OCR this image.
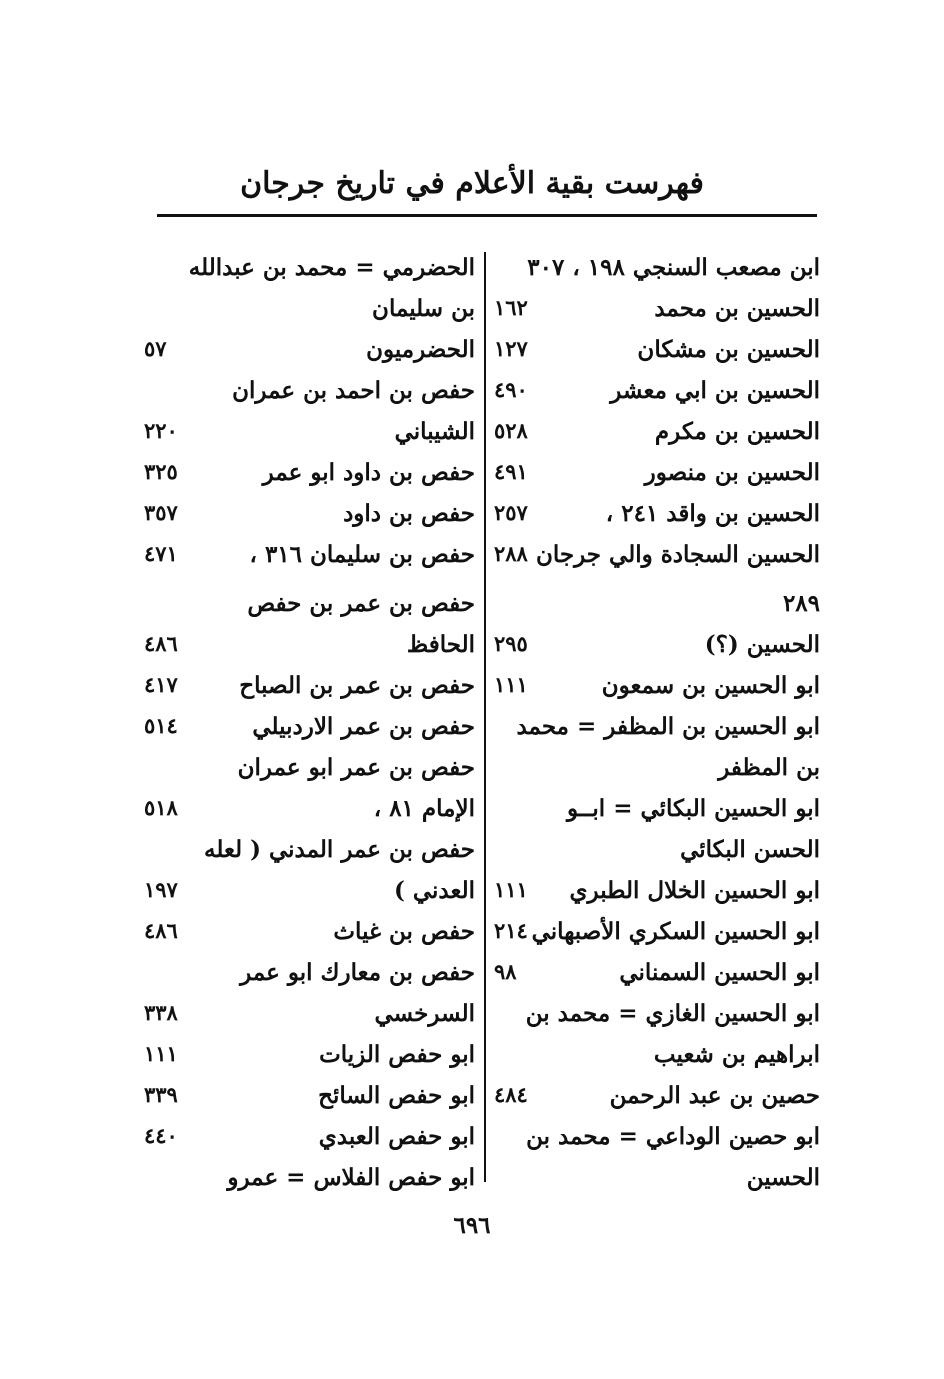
فهرست بقية الأعلام في تاريخ جرجان
ابن مصعب السنجي ١٩٨ ، ٣٠٧
الحسين بن محمد
١٦٢
الحسين بن مشكان
١٢٧
الحسين بن ابي معشر
٤٩٠
الحسين بن مكرم
٥٢٨
الحسين بن منصور
٤٩١
الحسين بن واقد ٢٤١ ،
٢٥٧
الحسين السجادة والي جرجان
٢٨٨
٢٨٩
الحسين (؟)
٢٩٥
ابو الحسين بن سمعون
١١١
ابو الحسين بن المظفر = محمد
بن المظفر
ابو الحسين البكائي = ابــو
الحسن البكائي
ابو الحسين الخلال الطبري
١١١
ابو الحسين السكري الأصبهاني
٢١٤
ابو الحسين السمناني
٩٨
ابو الحسين الغازي = محمد بن
ابراهيم بن شعيب
حصين بن عبد الرحمن
٤٨٤
ابو حصين الوداعي = محمد بن
الحسين
الحضرمي = محمد بن عبدالله
بن سليمان
الحضرميون
٥٧
حفص بن احمد بن عمران
الشيباني
٢٢٠
حفص بن داود ابو عمر
٣٢٥
حفص بن داود
٣٥٧
حفص بن سليمان ٣١٦ ،
٤٧١
حفص بن عمر بن حفص
الحافظ
٤٨٦
حفص بن عمر بن الصباح
٤١٧
حفص بن عمر الاردبيلي
٥١٤
حفص بن عمر ابو عمران
الإمام ٨١ ،
٥١٨
حفص بن عمر المدني ( لعله
العدني )
١٩٧
حفص بن غياث
٤٨٦
حفص بن معارك ابو عمر
السرخسي
٣٣٨
ابو حفص الزيات
١١١
ابو حفص السائح
٣٣٩
ابو حفص العبدي
٤٤٠
ابو حفص الفلاس = عمرو
٦٩٦
